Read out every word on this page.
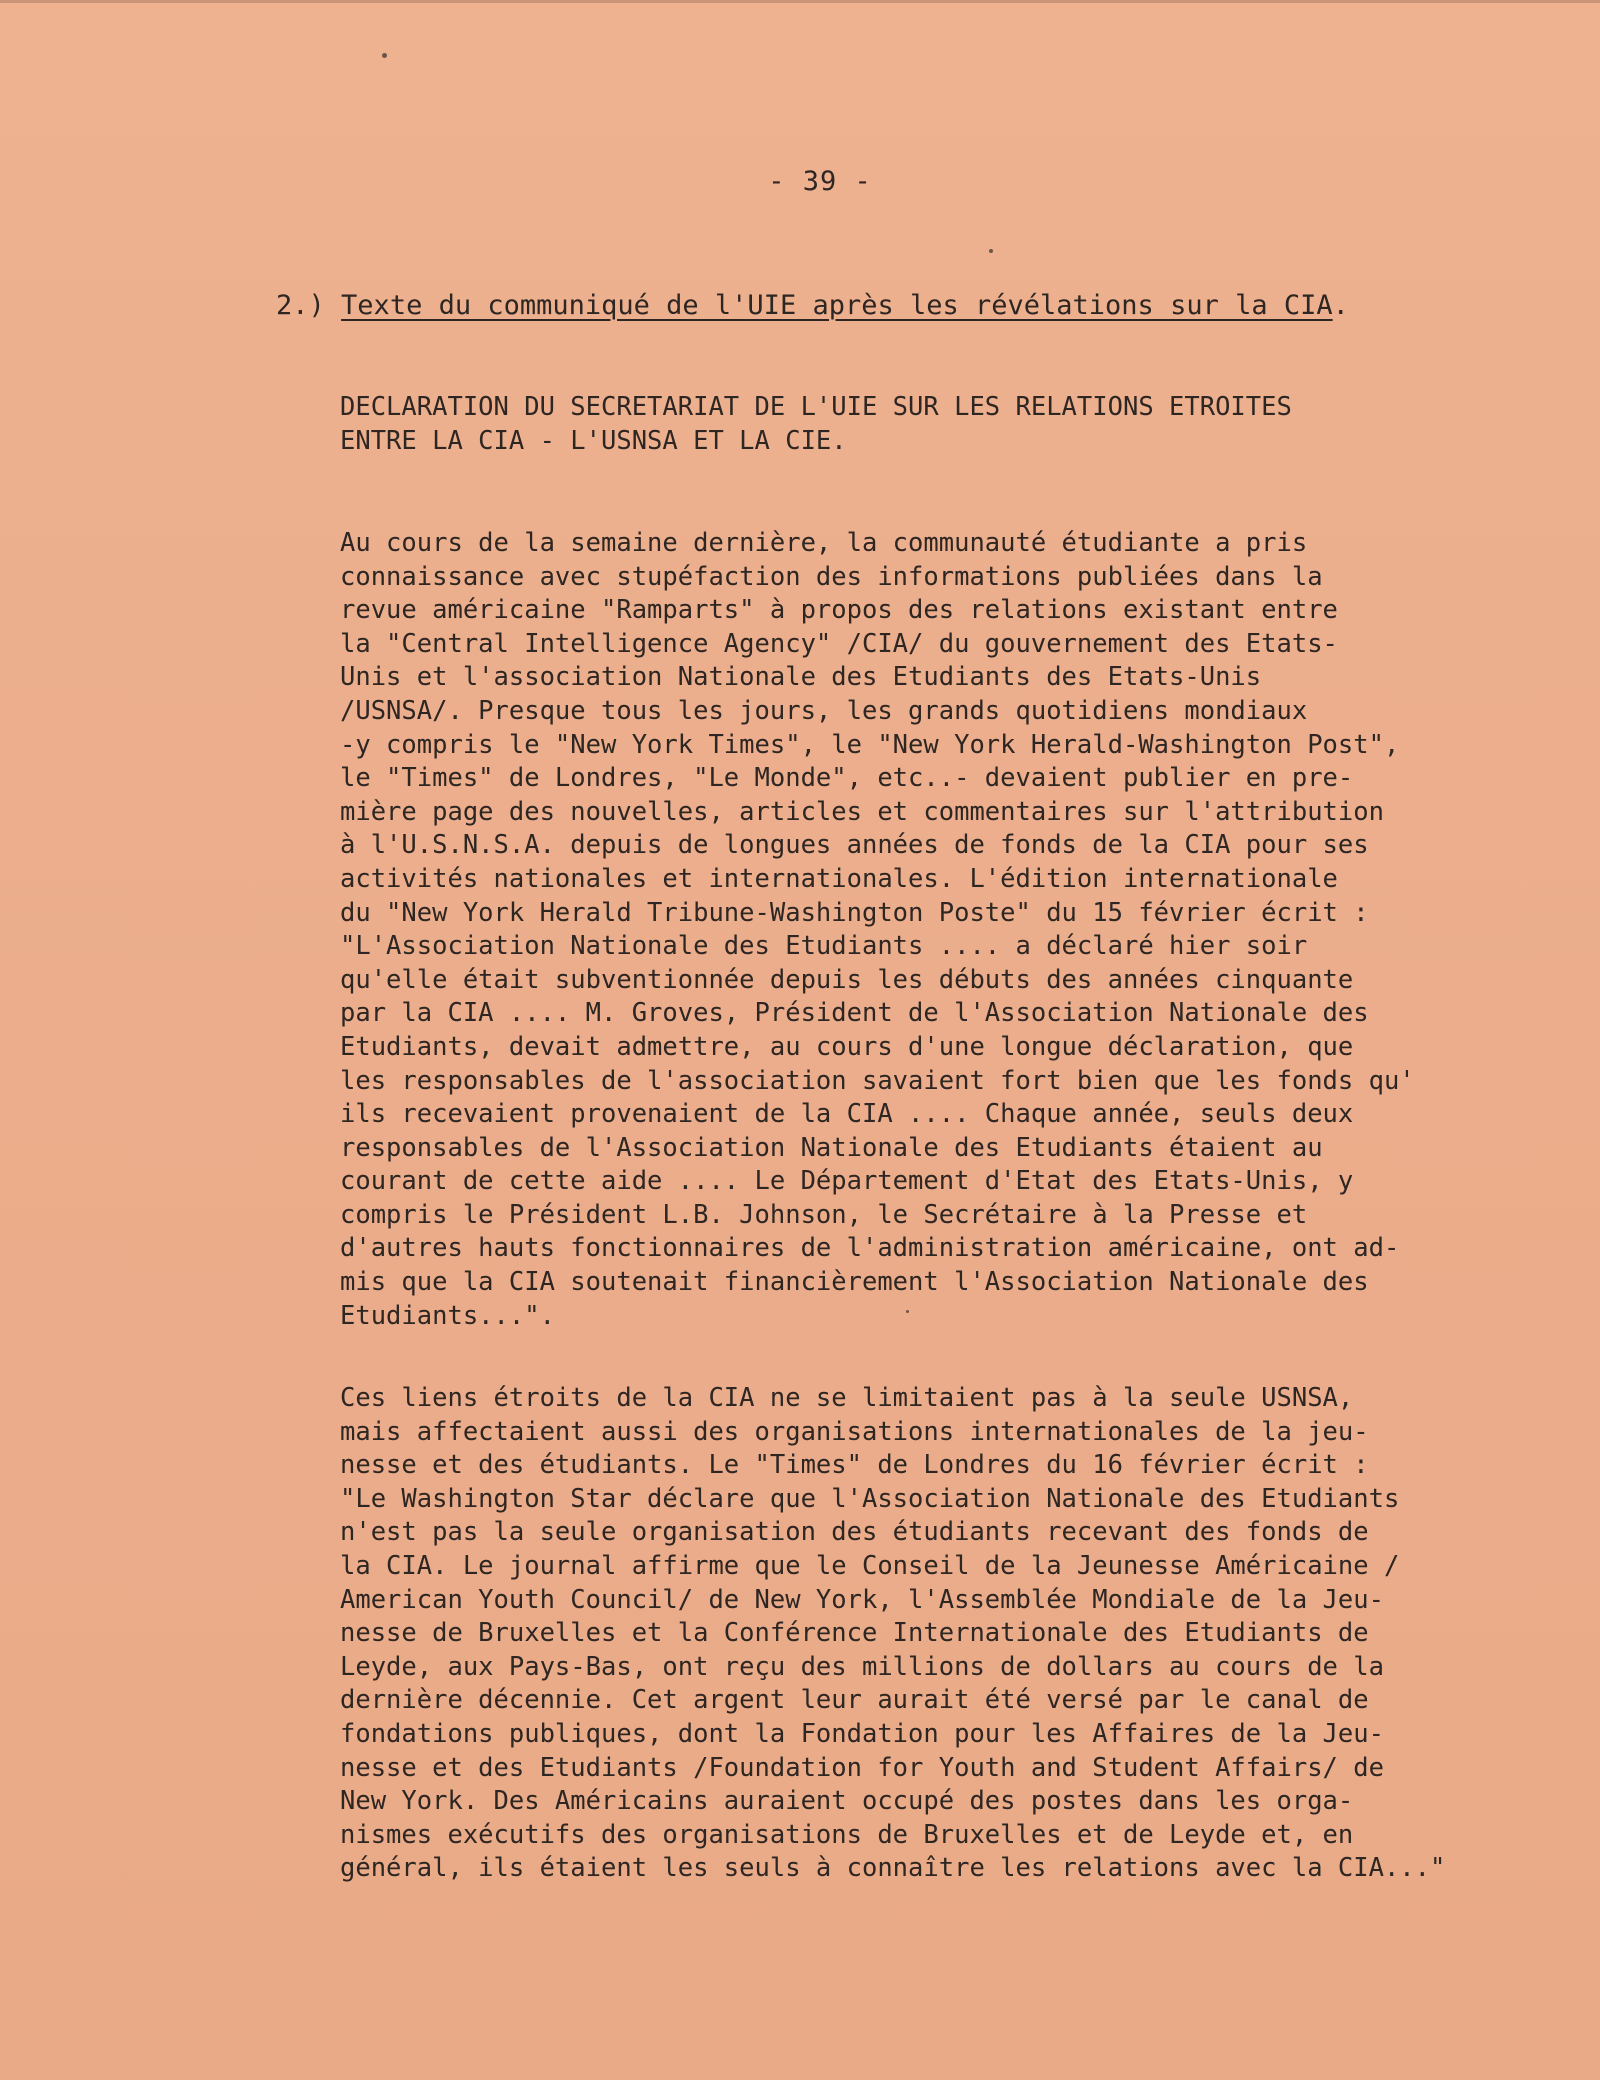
- 39 -
2.) Texte du communiqué de l'UIE après les révélations sur la CIA.
DECLARATION DU SECRETARIAT DE L'UIE SUR LES RELATIONS ETROITES
ENTRE LA CIA - L'USNSA ET LA CIE.
Au cours de la semaine dernière, la communauté étudiante a pris
connaissance avec stupéfaction des informations publiées dans la
revue américaine "Ramparts" à propos des relations existant entre
la "Central Intelligence Agency" /CIA/ du gouvernement des Etats-
Unis et l'association Nationale des Etudiants des Etats-Unis
/USNSA/. Presque tous les jours, les grands quotidiens mondiaux
-y compris le "New York Times", le "New York Herald-Washington Post",
le "Times" de Londres, "Le Monde", etc..- devaient publier en pre-
mière page des nouvelles, articles et commentaires sur l'attribution
à l'U.S.N.S.A. depuis de longues années de fonds de la CIA pour ses
activités nationales et internationales. L'édition internationale
du "New York Herald Tribune-Washington Poste" du 15 février écrit :
"L'Association Nationale des Etudiants .... a déclaré hier soir
qu'elle était subventionnée depuis les débuts des années cinquante
par la CIA .... M. Groves, Président de l'Association Nationale des
Etudiants, devait admettre, au cours d'une longue déclaration, que
les responsables de l'association savaient fort bien que les fonds qu'
ils recevaient provenaient de la CIA .... Chaque année, seuls deux
responsables de l'Association Nationale des Etudiants étaient au
courant de cette aide .... Le Département d'Etat des Etats-Unis, y
compris le Président L.B. Johnson, le Secrétaire à la Presse et
d'autres hauts fonctionnaires de l'administration américaine, ont ad-
mis que la CIA soutenait financièrement l'Association Nationale des
Etudiants...".
Ces liens étroits de la CIA ne se limitaient pas à la seule USNSA,
mais affectaient aussi des organisations internationales de la jeu-
nesse et des étudiants. Le "Times" de Londres du 16 février écrit :
"Le Washington Star déclare que l'Association Nationale des Etudiants
n'est pas la seule organisation des étudiants recevant des fonds de
la CIA. Le journal affirme que le Conseil de la Jeunesse Américaine /
American Youth Council/ de New York, l'Assemblée Mondiale de la Jeu-
nesse de Bruxelles et la Conférence Internationale des Etudiants de
Leyde, aux Pays-Bas, ont reçu des millions de dollars au cours de la
dernière décennie. Cet argent leur aurait été versé par le canal de
fondations publiques, dont la Fondation pour les Affaires de la Jeu-
nesse et des Etudiants /Foundation for Youth and Student Affairs/ de
New York. Des Américains auraient occupé des postes dans les orga-
nismes exécutifs des organisations de Bruxelles et de Leyde et, en
général, ils étaient les seuls à connaître les relations avec la CIA..."
